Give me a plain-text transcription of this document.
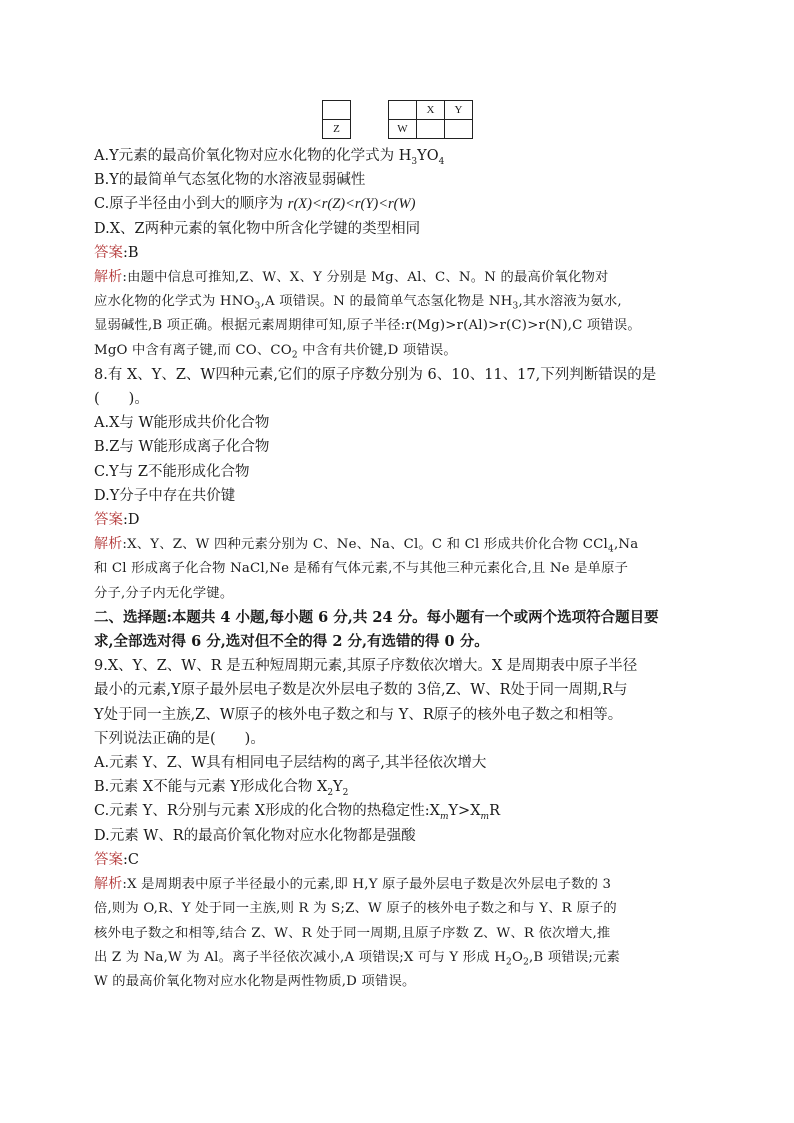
Z
	X	Y
W		
A.Y元素的最高价氧化物对应水化物的化学式为 $H_3YO_4$
B.Y的最简单气态氢化物的水溶液显弱碱性
C.原子半径由小到大的顺序为 r(X)<r(Z)<r(Y)<r(W)
D.X、Z两种元素的氧化物中所含化学键的类型相同
答案:B
解析:由题中信息可推知,Z、W、X、Y 分别是 Mg、Al、C、N。N 的最高价氧化物对
应水化物的化学式为 $HNO_3,A$ 项错误。N 的最简单气态氢化物是 $NH_3$,其水溶液为氨水,
显弱碱性,B 项正确。根据元素周期律可知,原子半径:r(Mg)>r(Al)>r(C)>r(N),C 项错误。
MgO 中含有离子键,而 CO、$CO_2$ 中含有共价键,D 项错误。
8.有 X、Y、Z、W四种元素,它们的原子序数分别为 6、10、11、17,下列判断错误的是
(　　)。
A.X与 W能形成共价化合物
B.Z与 W能形成离子化合物
C.Y与 Z不能形成化合物
D.Y分子中存在共价键
答案:D
解析:X、Y、Z、W 四种元素分别为 C、Ne、Na、Cl。C 和 Cl 形成共价化合物 CCl$_4$,Na
和 Cl 形成离子化合物 NaCl,Ne 是稀有气体元素,不与其他三种元素化合,且 Ne 是单原子
分子,分子内无化学键。
二、选择题:本题共 4 小题,每小题 6 分,共 24 分。每小题有一个或两个选项符合题目要
求,全部选对得 6 分,选对但不全的得 2 分,有选错的得 0 分。
9.X、Y、Z、W、R 是五种短周期元素,其原子序数依次增大。X 是周期表中原子半径
最小的元素,Y原子最外层电子数是次外层电子数的 3倍,Z、W、R处于同一周期,R与
Y处于同一主族,Z、W原子的核外电子数之和与 Y、R原子的核外电子数之和相等。
下列说法正确的是(　　)。
A.元素 Y、Z、W具有相同电子层结构的离子,其半径依次增大
B.元素 X不能与元素 Y形成化合物 $X_2Y_2$
C.元素 Y、R分别与元素 X形成的化合物的热稳定性$:X_mY>X_mR$
D.元素 W、R的最高价氧化物对应水化物都是强酸
答案:C
解析:X 是周期表中原子半径最小的元素,即 H,Y 原子最外层电子数是次外层电子数的 3
倍,则为 O,R、Y 处于同一主族,则 R 为 S;Z、W 原子的核外电子数之和与 Y、R 原子的
核外电子数之和相等,结合 Z、W、R 处于同一周期,且原子序数 Z、W、R 依次增大,推
出 Z 为 Na,W 为 Al。离子半径依次减小,A 项错误;X 可与 Y 形成 $H_2O_2,B$ 项错误;元素
W 的最高价氧化物对应水化物是两性物质,D 项错误。
